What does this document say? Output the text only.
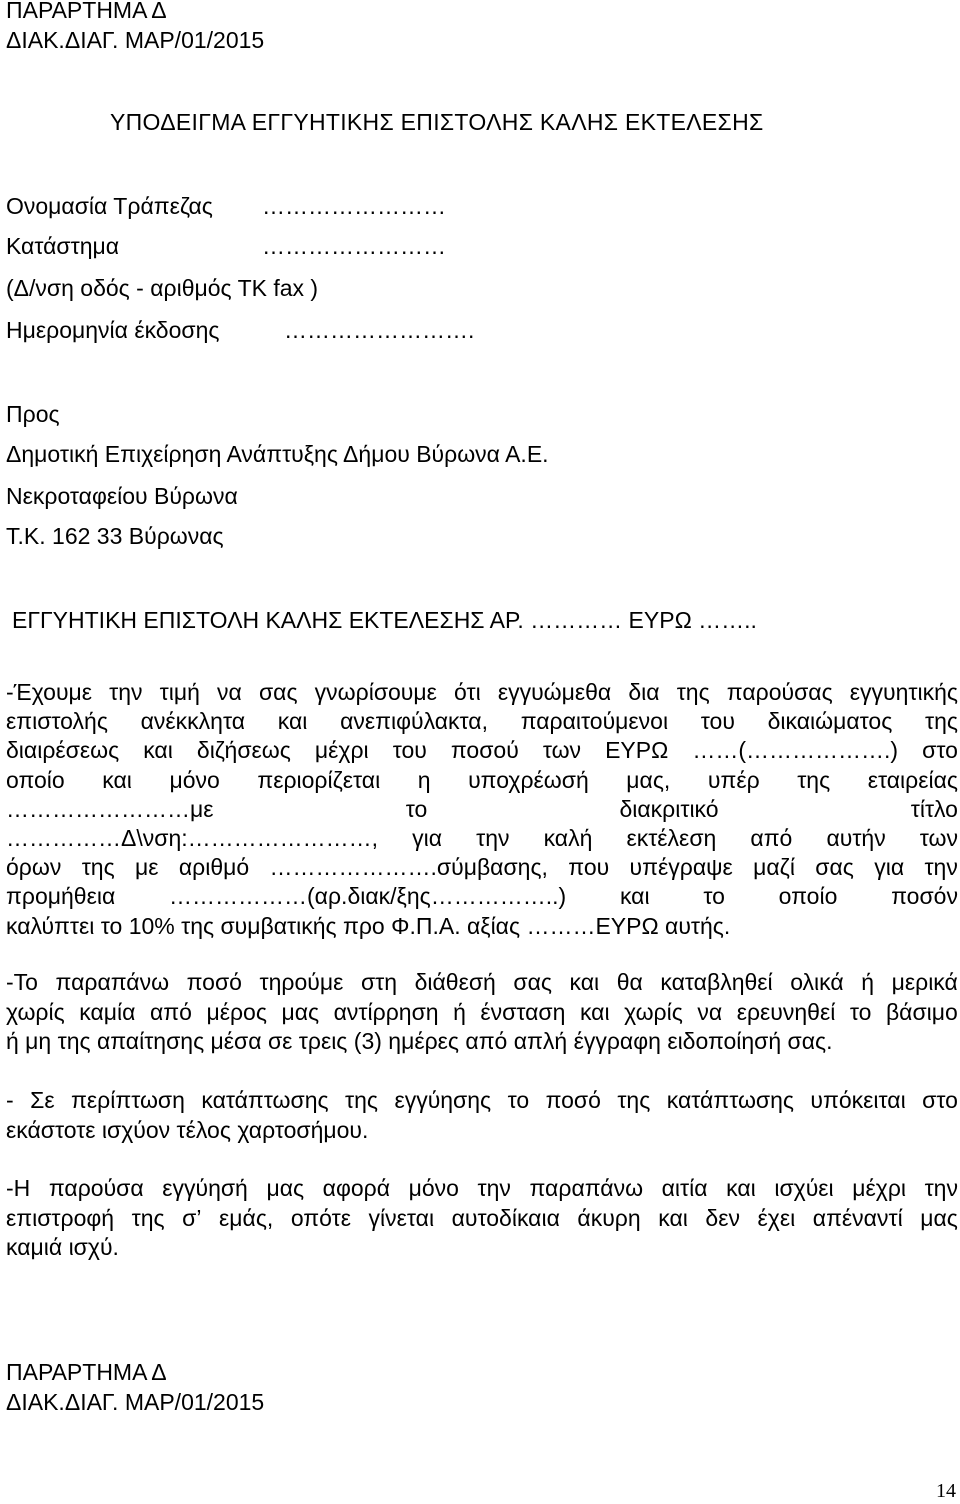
ΠΑΡΑΡΤΗΜΑ Δ
ΔΙΑΚ.ΔΙΑΓ. ΜΑΡ/01/2015
ΥΠΟΔΕΙΓΜΑ ΕΓΓΥΗΤΙΚΗΣ ΕΠΙΣΤΟΛΗΣ ΚΑΛΗΣ ΕΚΤΕΛΕΣΗΣ
Ονομασία Τράπεζας ……………………
Κατάστημα	……………………
(Δ/νση οδός - αριθμός ΤΚ fax )
Ημερομηνία έκδοσης	…………………….
Προς
Δημοτική Επιχείρηση Ανάπτυξης Δήμου Βύρωνα Α.Ε.
Νεκροταφείου Βύρωνα
Τ.Κ. 162 33 Βύρωνας
ΕΓΓΥΗΤΙΚΗ ΕΠΙΣΤΟΛΗ ΚΑΛΗΣ ΕΚΤΕΛΕΣΗΣ ΑΡ. ………… ΕΥΡΩ ……..
-Έχουμε την τιμή να σας γνωρίσουμε ότι εγγυώμεθα δια της παρούσας εγγυητικής
επιστολής ανέκκλητα και ανεπιφύλακτα, παραιτούμενοι του δικαιώματος της
διαιρέσεως και διζήσεως μέχρι του ποσού των ΕΥΡΩ ……(……………….) στο
οποίο και μόνο περιορίζεται η υποχρέωσή μας, υπέρ της εταιρείας
……………………με	το	διακριτικό	τίτλο
……………Δ\νση:……………………, για την καλή εκτέλεση από αυτήν των
όρων της με αριθμό ………………….σύμβασης, που υπέγραψε μαζί σας για την
προμήθεια ………………(αρ.διακ/ξης……………..) και το οποίο ποσόν
καλύπτει το 10% της συμβατικής προ Φ.Π.Α. αξίας ………ΕΥΡΩ αυτής.
-Το παραπάνω ποσό τηρούμε στη διάθεσή σας και θα καταβληθεί ολικά ή μερικά
χωρίς καμία από μέρος μας αντίρρηση ή ένσταση και χωρίς να ερευνηθεί το βάσιμο
ή μη της απαίτησης μέσα σε τρεις (3) ημέρες από απλή έγγραφη ειδοποίησή σας.
- Σε περίπτωση κατάπτωσης της εγγύησης το ποσό της κατάπτωσης υπόκειται στο
εκάστοτε ισχύον τέλος χαρτοσήμου.
-Η παρούσα εγγύησή μας αφορά μόνο την παραπάνω αιτία και ισχύει μέχρι την
επιστροφή της σ’ εμάς, οπότε γίνεται αυτοδίκαια άκυρη και δεν έχει απέναντί μας
καμιά ισχύ.
ΠΑΡΑΡΤΗΜΑ Δ
ΔΙΑΚ.ΔΙΑΓ. ΜΑΡ/01/2015
14
